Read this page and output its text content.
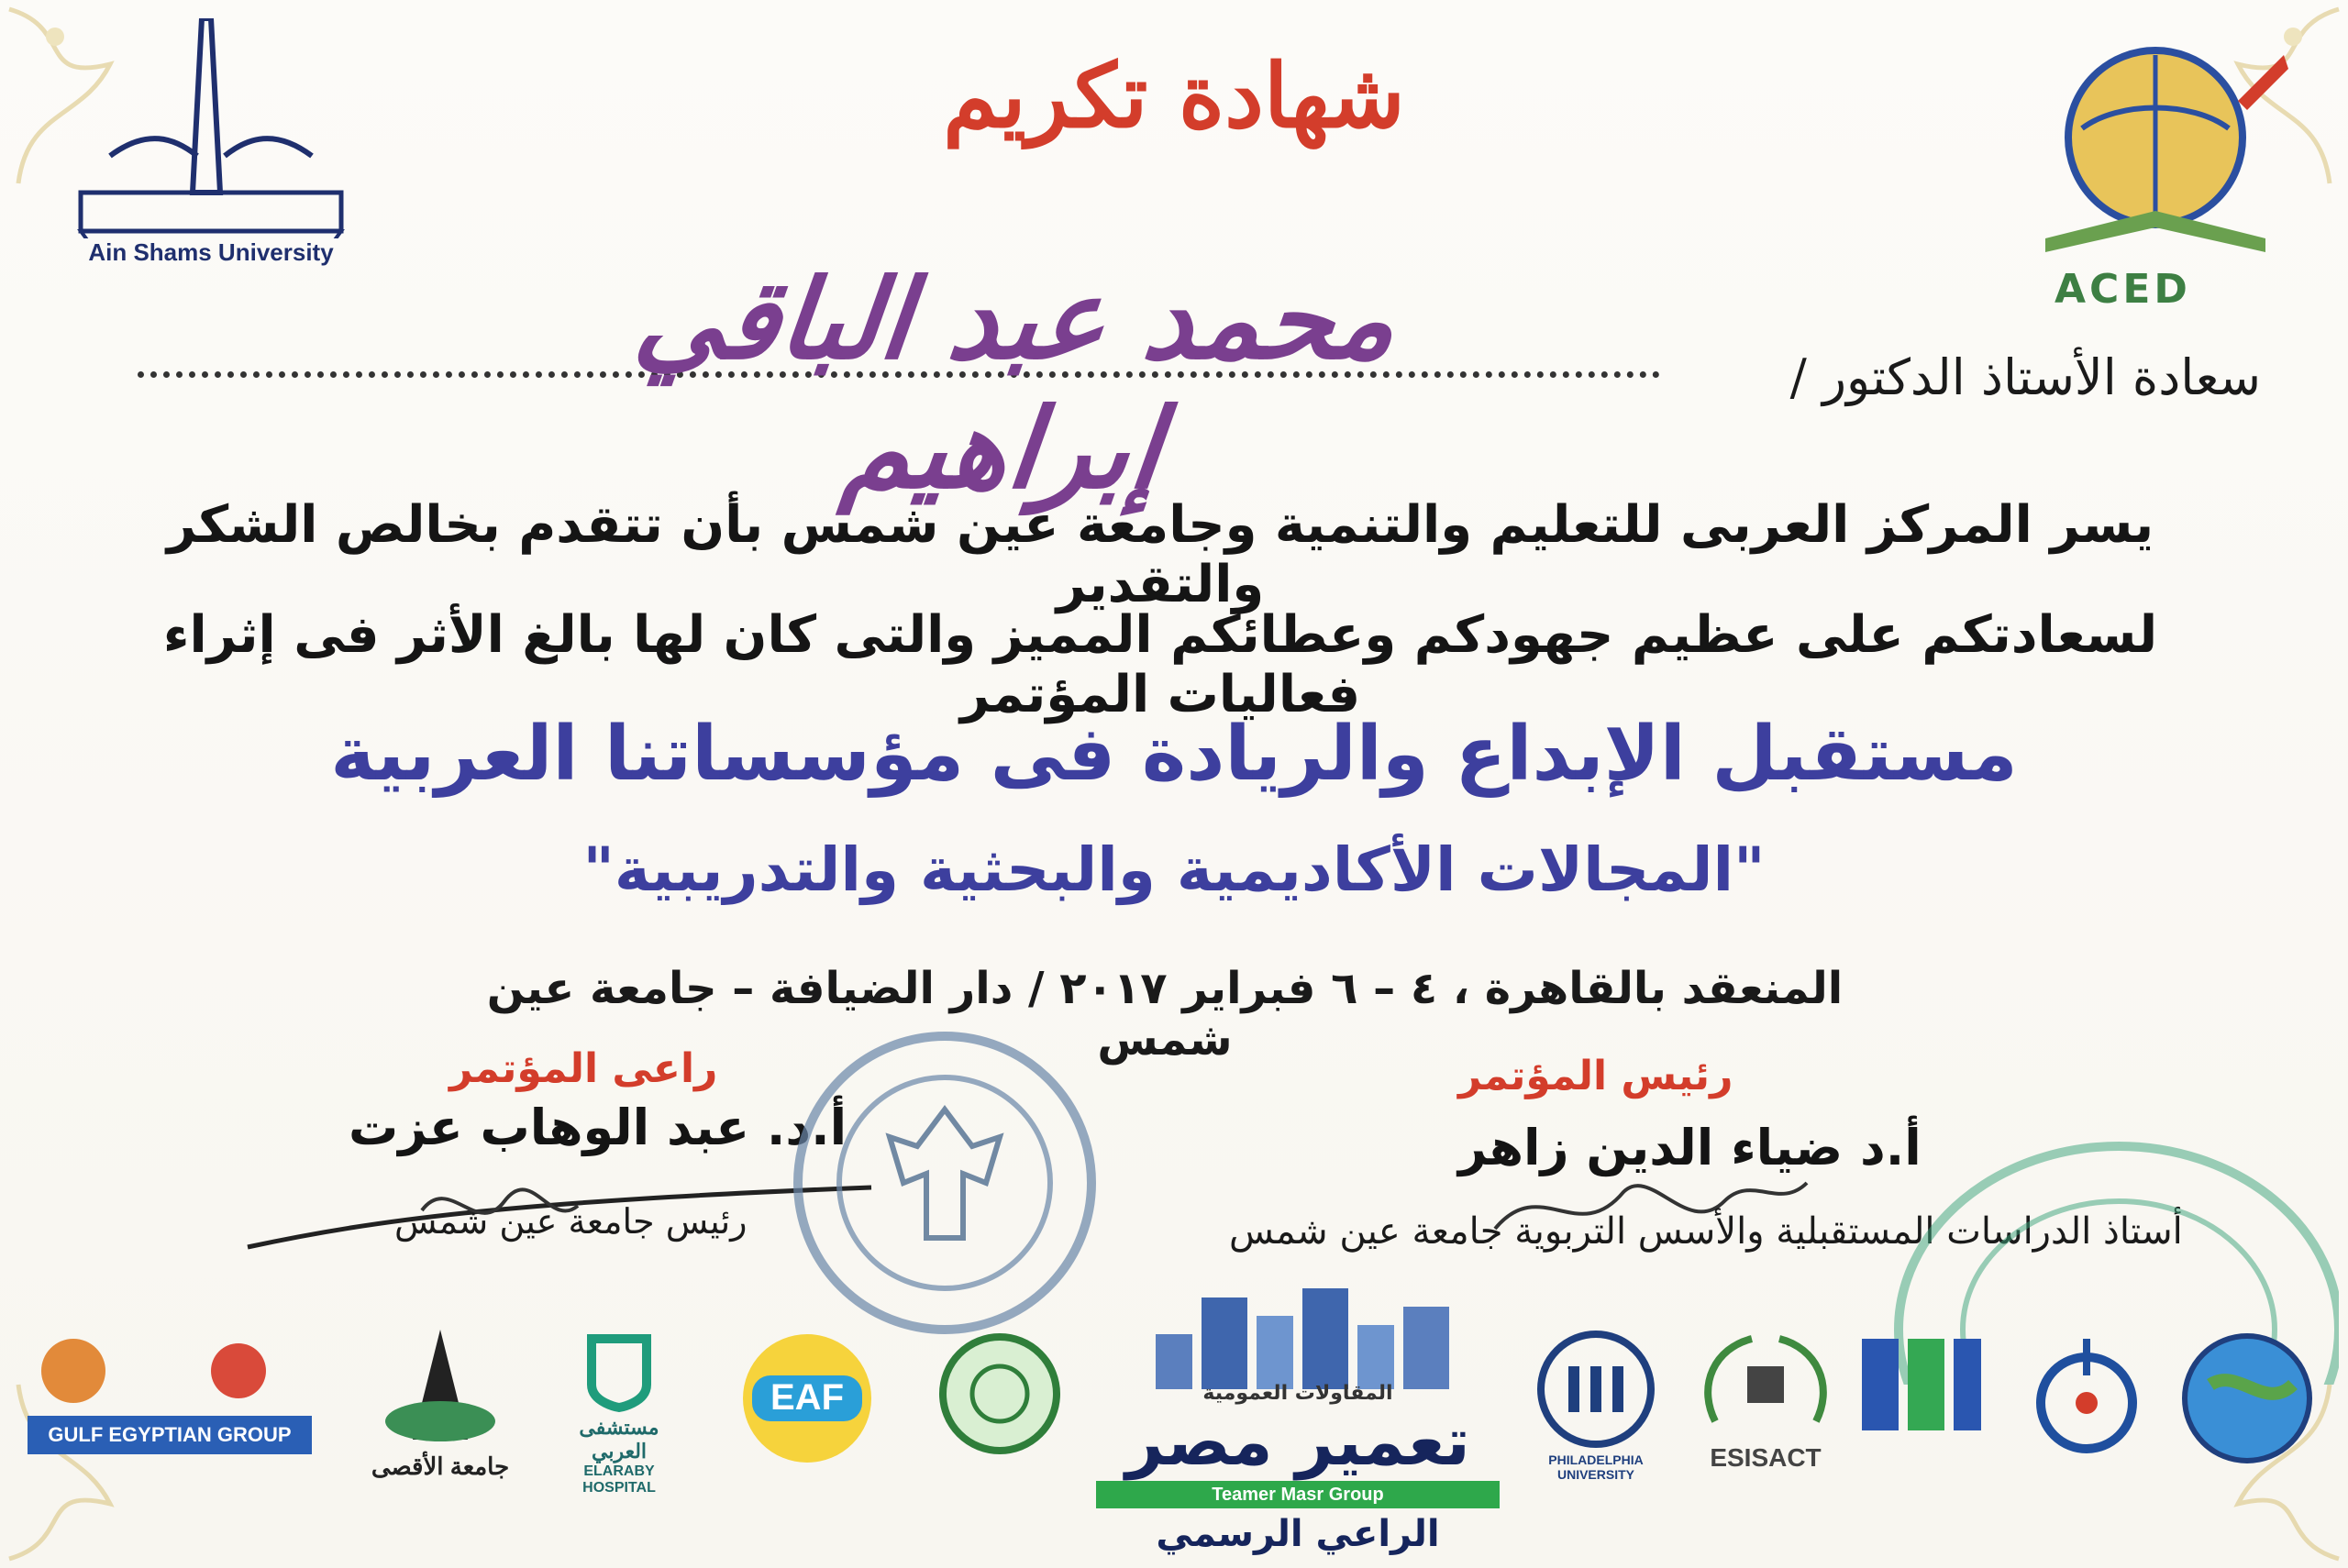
Ain Shams University
ACED
شهادة تكريم
محمد عبد الباقي إبراهيم
سعادة الأستاذ الدكتور /
يسر المركز العربى للتعليم والتنمية وجامعة عين شمس بأن تتقدم بخالص الشكر والتقدير
لسعادتكم على عظيم جهودكم وعطائكم المميز والتى كان لها بالغ الأثر فى إثراء فعاليات المؤتمر
مستقبل الإبداع والريادة فى مؤسساتنا العربية
"المجالات الأكاديمية والبحثية والتدريبية"
المنعقد بالقاهرة ، ٤ – ٦ فبراير ٢٠١٧ / دار الضيافة – جامعة عين شمس
راعى المؤتمر
أ.د. عبد الوهاب عزت
رئيس جامعة عين شمس
رئيس المؤتمر
أ.د ضياء الدين زاهر
أستاذ الدراسات المستقبلية والأسس التربوية جامعة عين شمس
المقاولات العمومية
تعمير مصر
Teamer Masr Group
الراعي الرسمي
GULF EGYPTIAN GROUP
جامعة الأقصى
مستشفى العربي
ELARABY HOSPITAL
EAF
PHILADELPHIA UNIVERSITY
ESISACT
